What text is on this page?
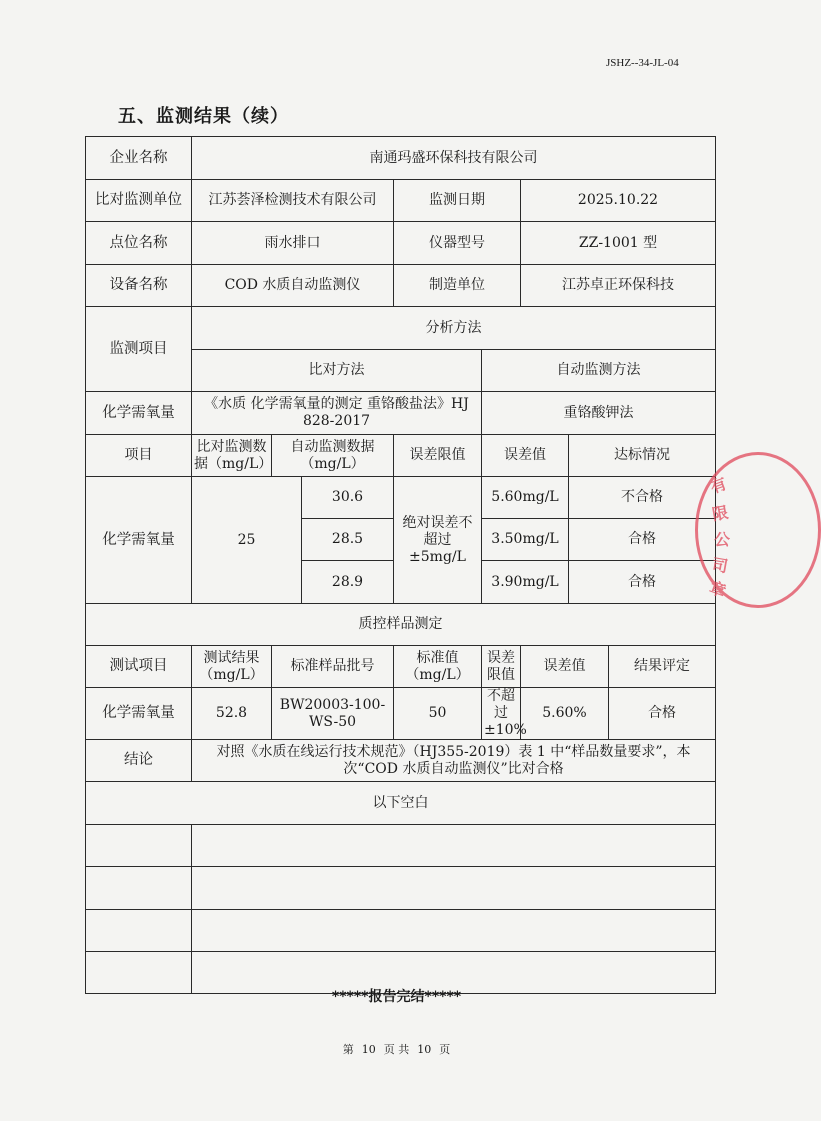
JSHZ--34-JL-04
五、监测结果（续）
企业名称	南通玛盛环保科技有限公司							
比对监测单位	江苏荟泽检测技术有限公司			监测日期		2025.10.22		
点位名称	雨水排口			仪器型号		ZZ-1001 型		
设备名称	COD 水质自动监测仪			制造单位		江苏卓正环保科技		
监测项目	分析方法							
	比对方法				自动监测方法			
化学需氧量	《水质 化学需氧量的测定 重铬酸盐法》HJ 828-2017				重铬酸钾法			
项目	比对监测数据（mg/L）	自动监测数据（mg/L）		误差限值	误差值		达标情况	
化学需氧量	25		30.6	绝对误差不超过±5mg/L	5.60mg/L		不合格	
			28.5		3.50mg/L		合格	
			28.9		3.90mg/L		合格	
质控样品测定								
测试项目	测试结果（mg/L）	标准样品批号		标准值（mg/L）	误差限值	误差值		结果评定
化学需氧量	52.8	BW20003-100-WS-50		50	不超过±10%	5.60%		合格
结论	对照《水质在线运行技术规范》（HJ355-2019）表 1 中“样品数量要求”，本次“COD 水质自动监测仪”比对合格							
以下空白								

有
限
公
司
章
*****报告完结*****
第 10 页 共 10 页
